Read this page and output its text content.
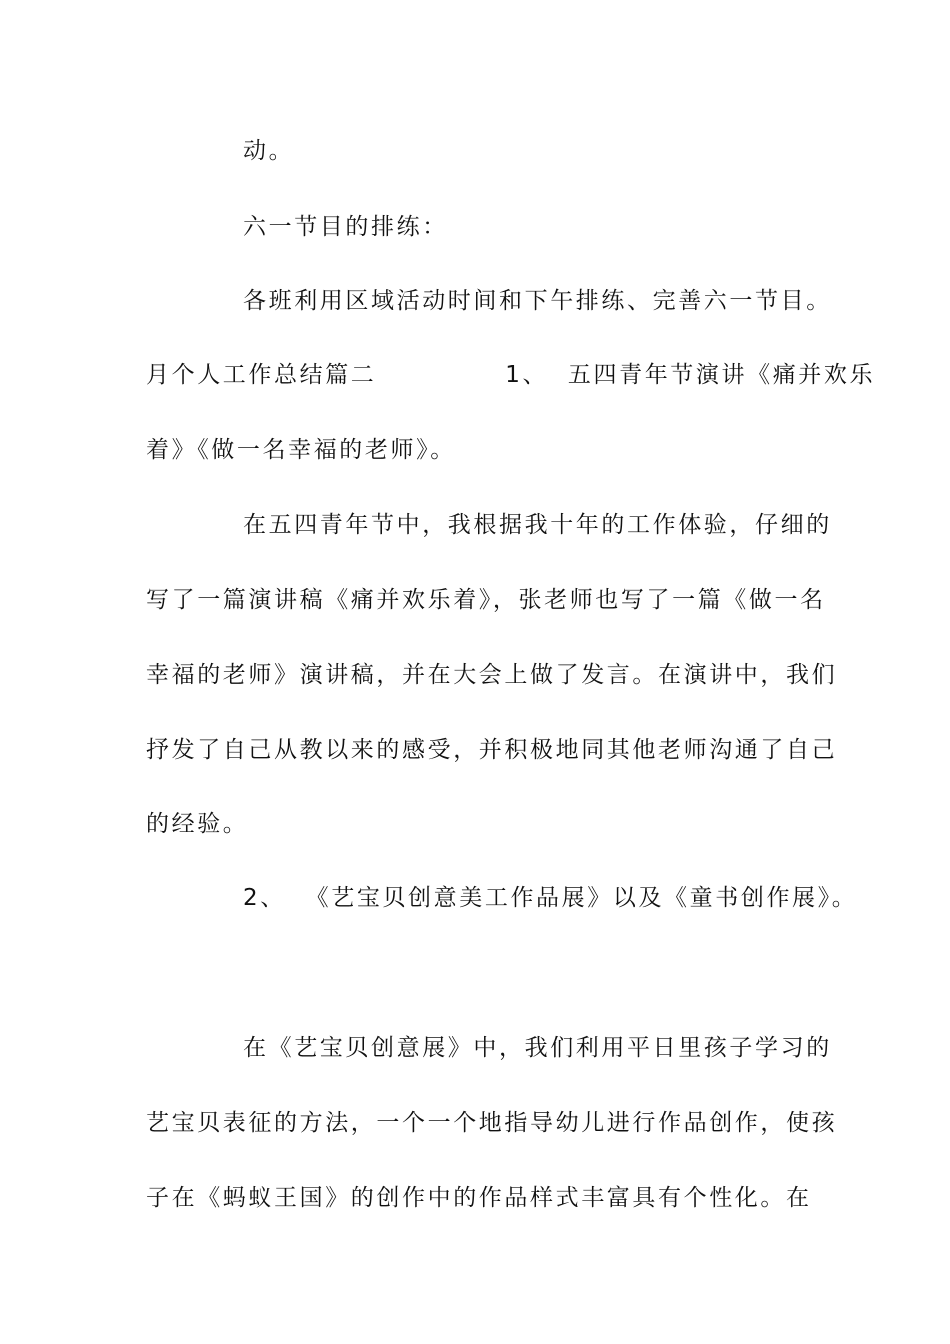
动。
六一节目的排练：
各班利用区域活动时间和下午排练、完善六一节目。
月个人工作总结篇二             1、  五四青年节演讲《痛并欢乐
着》《做一名幸福的老师》。
在五四青年节中，我根据我十年的工作体验，仔细的
写了一篇演讲稿《痛并欢乐着》，张老师也写了一篇《做一名
幸福的老师》演讲稿，并在大会上做了发言。在演讲中，我们
抒发了自己从教以来的感受，并积极地同其他老师沟通了自己
的经验。
2、  《艺宝贝创意美工作品展》以及《童书创作展》。
在《艺宝贝创意展》中，我们利用平日里孩子学习的
艺宝贝表征的方法，一个一个地指导幼儿进行作品创作，使孩
子在《蚂蚁王国》的创作中的作品样式丰富具有个性化。在
